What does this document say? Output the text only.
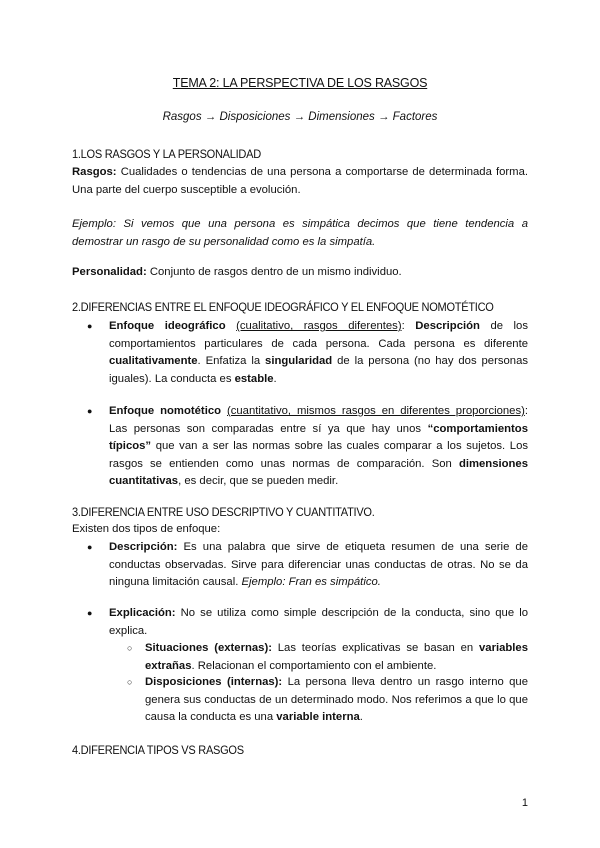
TEMA 2: LA PERSPECTIVA DE LOS RASGOS
Rasgos → Disposiciones → Dimensiones → Factores
1.LOS RASGOS Y LA PERSONALIDAD
Rasgos: Cualidades o tendencias de una persona a comportarse de determinada forma. Una parte del cuerpo susceptible a evolución.
Ejemplo: Si vemos que una persona es simpática decimos que tiene tendencia a demostrar un rasgo de su personalidad como es la simpatía.
Personalidad: Conjunto de rasgos dentro de un mismo individuo.
2.DIFERENCIAS ENTRE EL ENFOQUE IDEOGRÁFICO Y EL ENFOQUE NOMOTÉTICO
● Enfoque ideográfico (cualitativo, rasgos diferentes): Descripción de los comportamientos particulares de cada persona. Cada persona es diferente cualitativamente. Enfatiza la singularidad de la persona (no hay dos personas iguales). La conducta es estable.
● Enfoque nomotético (cuantitativo, mismos rasgos en diferentes proporciones): Las personas son comparadas entre sí ya que hay unos “comportamientos típicos” que van a ser las normas sobre las cuales comparar a los sujetos. Los rasgos se entienden como unas normas de comparación. Son dimensiones cuantitativas, es decir, que se pueden medir.
3.DIFERENCIA ENTRE USO DESCRIPTIVO Y CUANTITATIVO.
Existen dos tipos de enfoque:
● Descripción: Es una palabra que sirve de etiqueta resumen de una serie de conductas observadas. Sirve para diferenciar unas conductas de otras. No se da ninguna limitación causal. Ejemplo: Fran es simpático.
● Explicación: No se utiliza como simple descripción de la conducta, sino que lo explica.
○ Situaciones (externas): Las teorías explicativas se basan en variables extrañas. Relacionan el comportamiento con el ambiente.
○ Disposiciones (internas): La persona lleva dentro un rasgo interno que genera sus conductas de un determinado modo. Nos referimos a que lo que causa la conducta es una variable interna.
4.DIFERENCIA TIPOS VS RASGOS
1
